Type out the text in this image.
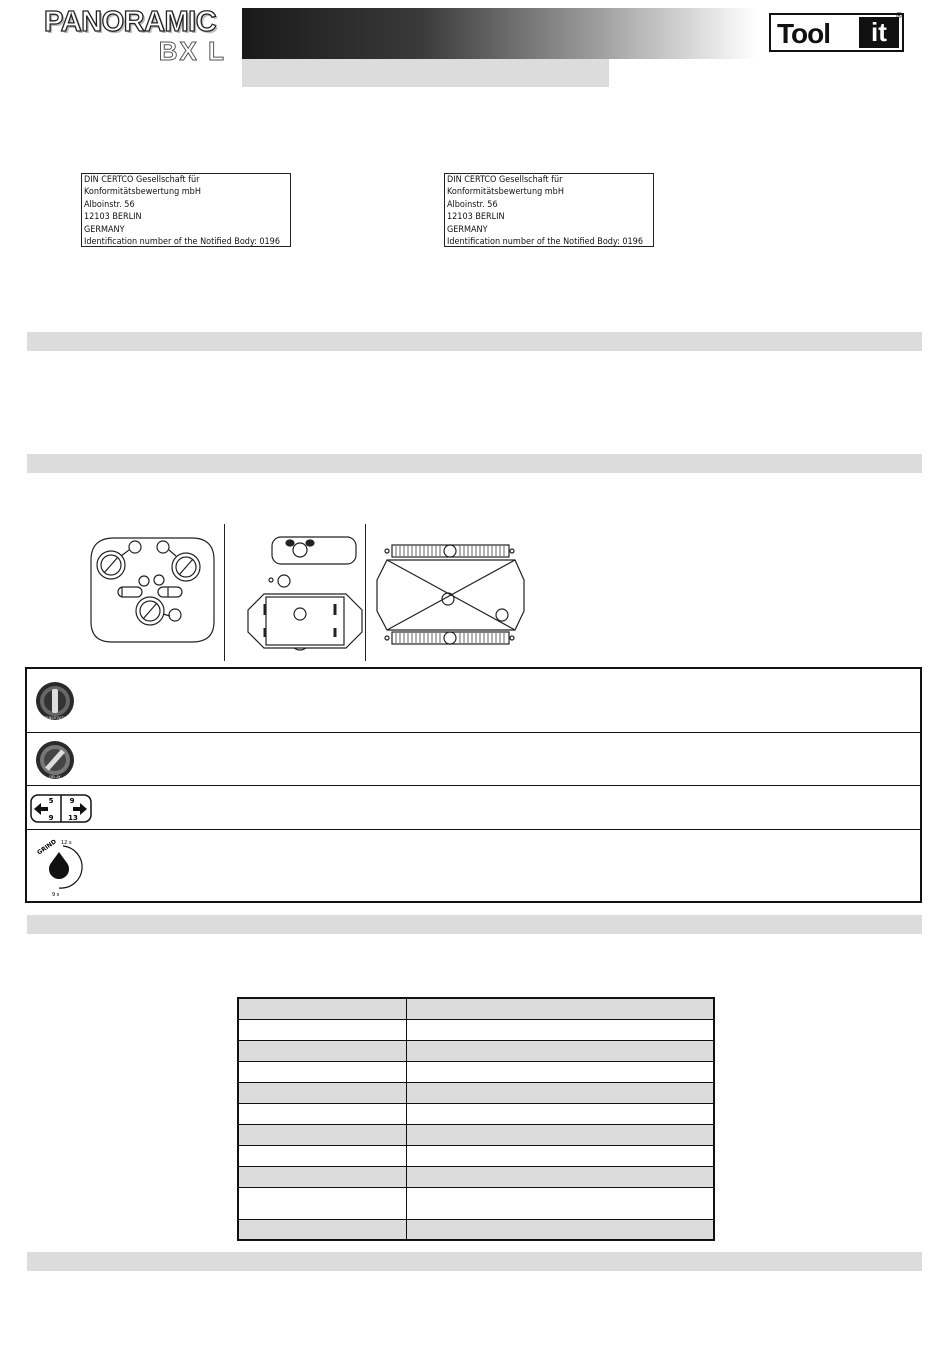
PANORAMIC
BX L
Tool	it
®
DIN CERTCO Gesellschaft für
Konformitätsbewertung mbH
Alboinstr. 56
12103 BERLIN
GERMANY
Identification number of the Notified Body: 0196
DIN CERTCO Gesellschaft für
Konformitätsbewertung mbH
Alboinstr. 56
12103 BERLIN
GERMANY
Identification number of the Notified Body: 0196
SENSITIVITY
DELAY
5
9
9
13
GRIND 12 s
9 s
